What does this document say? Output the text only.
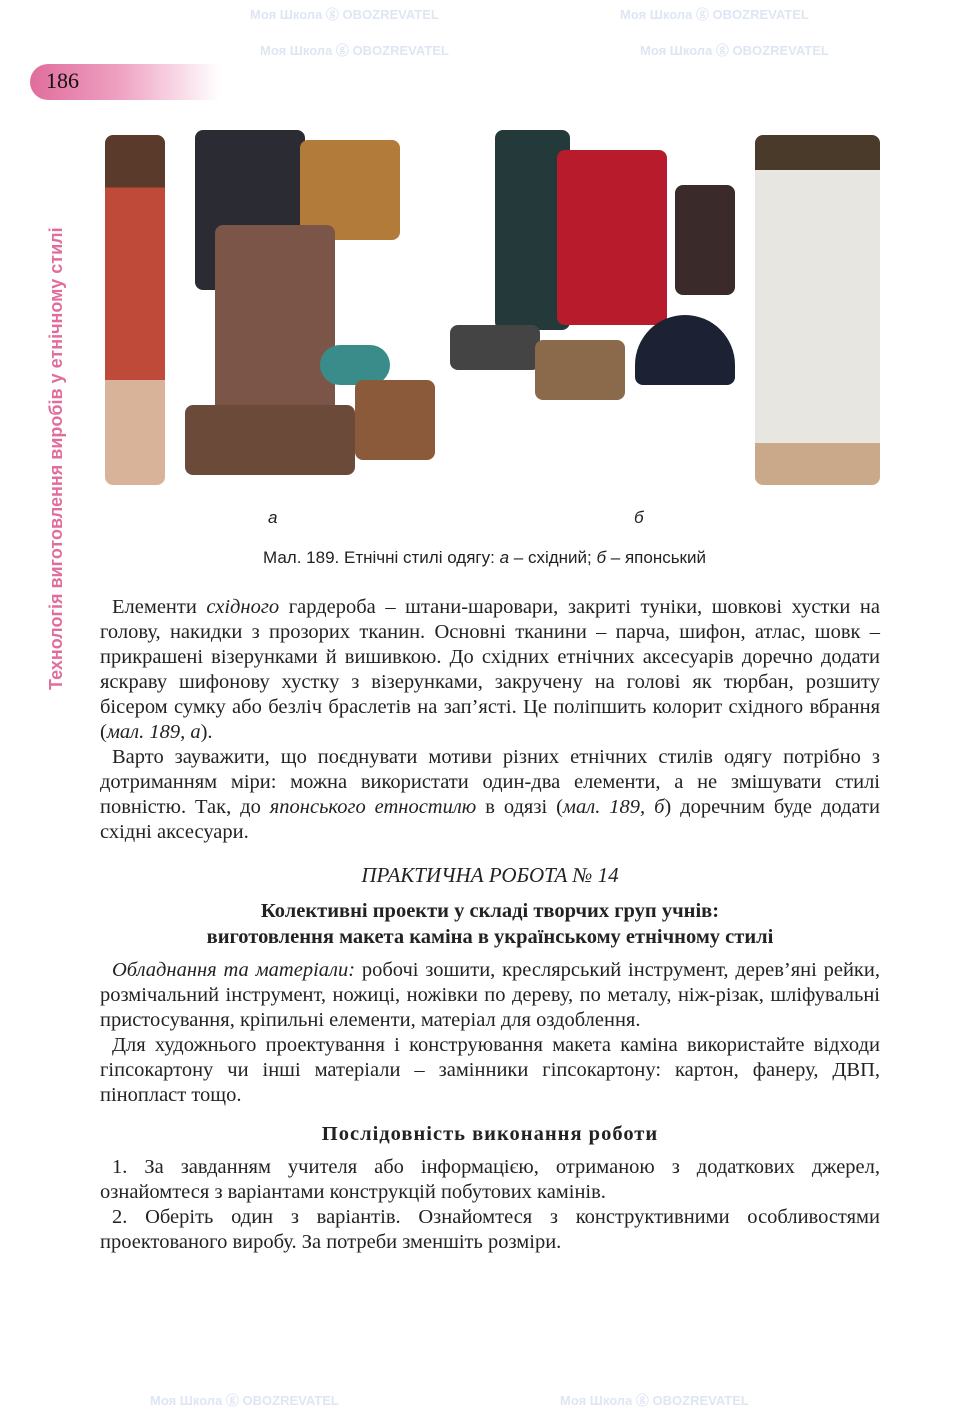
Моя Школа ⓖ OBOZREVATEL	Моя Школа ⓖ OBOZREVATEL
Моя Школа ⓖ OBOZREVATEL	Моя Школа ⓖ OBOZREVATEL
Моя Школа ⓖ OBOZREVATEL	Моя Школа ⓖ OBOZREVATEL
186
Технологія виготовлення виробів у етнічному стилі	а	б
Мал. 189. Етнічні стилі одягу: а – східний; б – японський
Елементи східного гардероба – штани-шаровари, закриті туніки, шовкові хустки на голову, накидки з прозорих тканин. Основні тканини – парча, шифон, атлас, шовк – прикрашені візерунками й вишивкою. До східних етнічних аксесуарів доречно додати яскраву шифонову хустку з візерунками, закручену на голові як тюрбан, розшиту бісером сумку або безліч браслетів на зап’ясті. Це поліпшить колорит східного вбрання (мал. 189, а).
Варто зауважити, що поєднувати мотиви різних етнічних стилів одягу потрібно з дотриманням міри: можна використати один-два елементи, а не змішувати стилі повністю. Так, до японського етностилю в одязі (мал. 189, б) доречним буде додати східні аксесуари.
ПРАКТИЧНА РОБОТА № 14
Колективні проекти у складі творчих груп учнів:
виготовлення макета каміна в українському етнічному стилі
Обладнання та матеріали: робочі зошити, креслярський інструмент, дерев’яні рейки, розмічальний інструмент, ножиці, ножівки по дереву, по металу, ніж-різак, шліфувальні пристосування, кріпильні елементи, матеріал для оздоблення.
Для художнього проектування і конструювання макета каміна використайте відходи гіпсокартону чи інші матеріали – замінники гіпсокартону: картон, фанеру, ДВП, пінопласт тощо.
Послідовність виконання роботи
1. За завданням учителя або інформацією, отриманою з додаткових джерел, ознайомтеся з варіантами конструкцій побутових камінів.
2. Оберіть один з варіантів. Ознайомтеся з конструктивними особливостями проектованого виробу. За потреби зменшіть розміри.
